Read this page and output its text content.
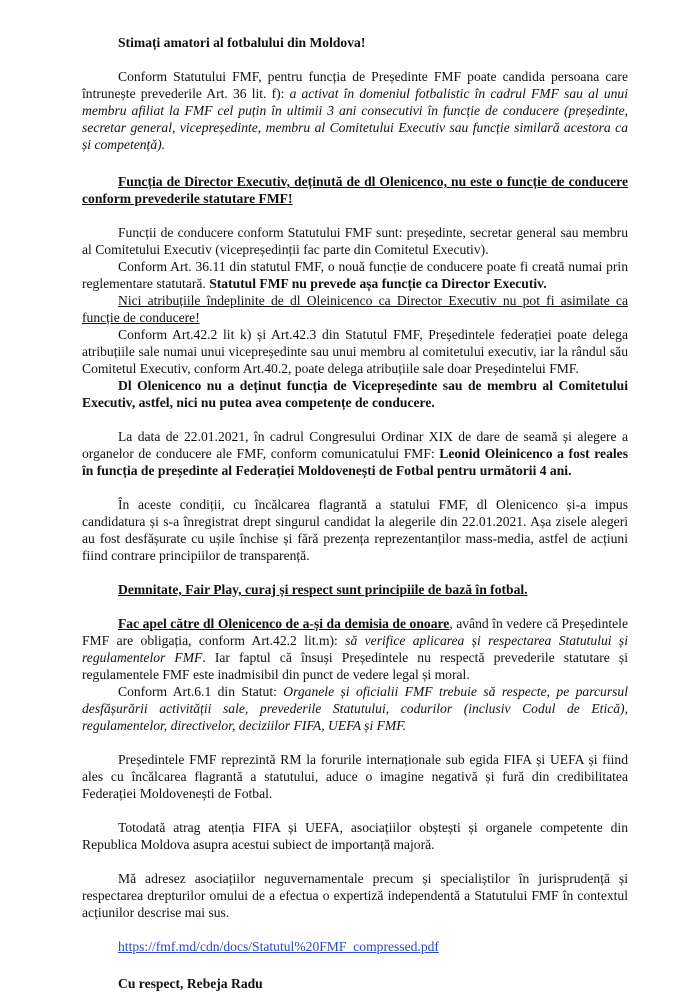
Stimați amatori al fotbalului din Moldova!

Conform Statutului FMF, pentru funcția de Președinte FMF poate candida persoana care întrunește prevederile Art. 36 lit. f): a activat în domeniul fotbalistic în cadrul FMF sau al unui membru afiliat la FMF cel puțin în ultimii 3 ani consecutivi în funcție de conducere (președinte, secretar general, vicepreședinte, membru al Comitetului Executiv sau funcție similară acestora ca și competență).

Funcția de Director Executiv, deținută de dl Olenicenco, nu este o funcție de conducere conform prevederile statutare FMF!

Funcții de conducere conform Statutului FMF sunt: președinte, secretar general sau membru al Comitetului Executiv (vicepreședinții fac parte din Comitetul Executiv).

Conform Art. 36.11 din statutul FMF, o nouă funcție de conducere poate fi creată numai prin reglementare statutară. Statutul FMF nu prevede așa funcție ca Director Executiv.

Nici atribuțiile îndeplinite de dl Oleinicenco ca Director Executiv nu pot fi asimilate ca funcție de conducere!

Conform Art.42.2 lit k) și Art.42.3 din Statutul FMF, Președintele federației poate delega atribuțiile sale numai unui vicepreședinte sau unui membru al comitetului executiv, iar la rândul său Comitetul Executiv, conform Art.40.2, poate delega atribuțiile sale doar Președintelui FMF.

Dl Olenicenco nu a deținut funcția de Vicepreședinte sau de membru al Comitetului Executiv, astfel, nici nu putea avea competențe de conducere.

La data de 22.01.2021, în cadrul Congresului Ordinar XIX de dare de seamă și alegere a organelor de conducere ale FMF, conform comunicatului FMF: Leonid Oleinicenco a fost reales în funcția de președinte al Federației Moldovenești de Fotbal pentru următorii 4 ani.

În aceste condiții, cu încălcarea flagrantă a statului FMF, dl Olenicenco și-a impus candidatura și s-a înregistrat drept singurul candidat la alegerile din 22.01.2021. Așa zisele alegeri au fost desfășurate cu ușile închise și fără prezența reprezentanților mass-media, astfel de acțiuni fiind contrare principiilor de transparență.

Demnitate, Fair Play, curaj și respect sunt principiile de bază în fotbal.

Fac apel către dl Olenicenco de a-și da demisia de onoare, având în vedere că Președintele FMF are obligația, conform Art.42.2 lit.m): să verifice aplicarea și respectarea Statutului și regulamentelor FMF. Iar faptul că însuși Președintele nu respectă prevederile statutare și regulamentele FMF este inadmisibil din punct de vedere legal și moral.

Conform Art.6.1 din Statut: Organele și oficialii FMF trebuie să respecte, pe parcursul desfășurării activității sale, prevederile Statutului, codurilor (inclusiv Codul de Etică), regulamentelor, directivelor, deciziilor FIFA, UEFA și FMF.

Președintele FMF reprezintă RM la forurile internaționale sub egida FIFA și UEFA și fiind ales cu încălcarea flagrantă a statutului, aduce o imagine negativă și fură din credibilitatea Federației Moldovenești de Fotbal.

Totodată atrag atenția FIFA și UEFA, asociațiilor obștești și organele competente din Republica Moldova asupra acestui subiect de importanță majoră.

Mă adresez asociațiilor neguvernamentale precum și specialiștilor în jurisprudență și respectarea drepturilor omului de a efectua o expertiză independentă a Statutului FMF în contextul acțiunilor descrise mai sus.

https://fmf.md/cdn/docs/Statutul%20FMF_compressed.pdf

Cu respect, Rebeja Radu
